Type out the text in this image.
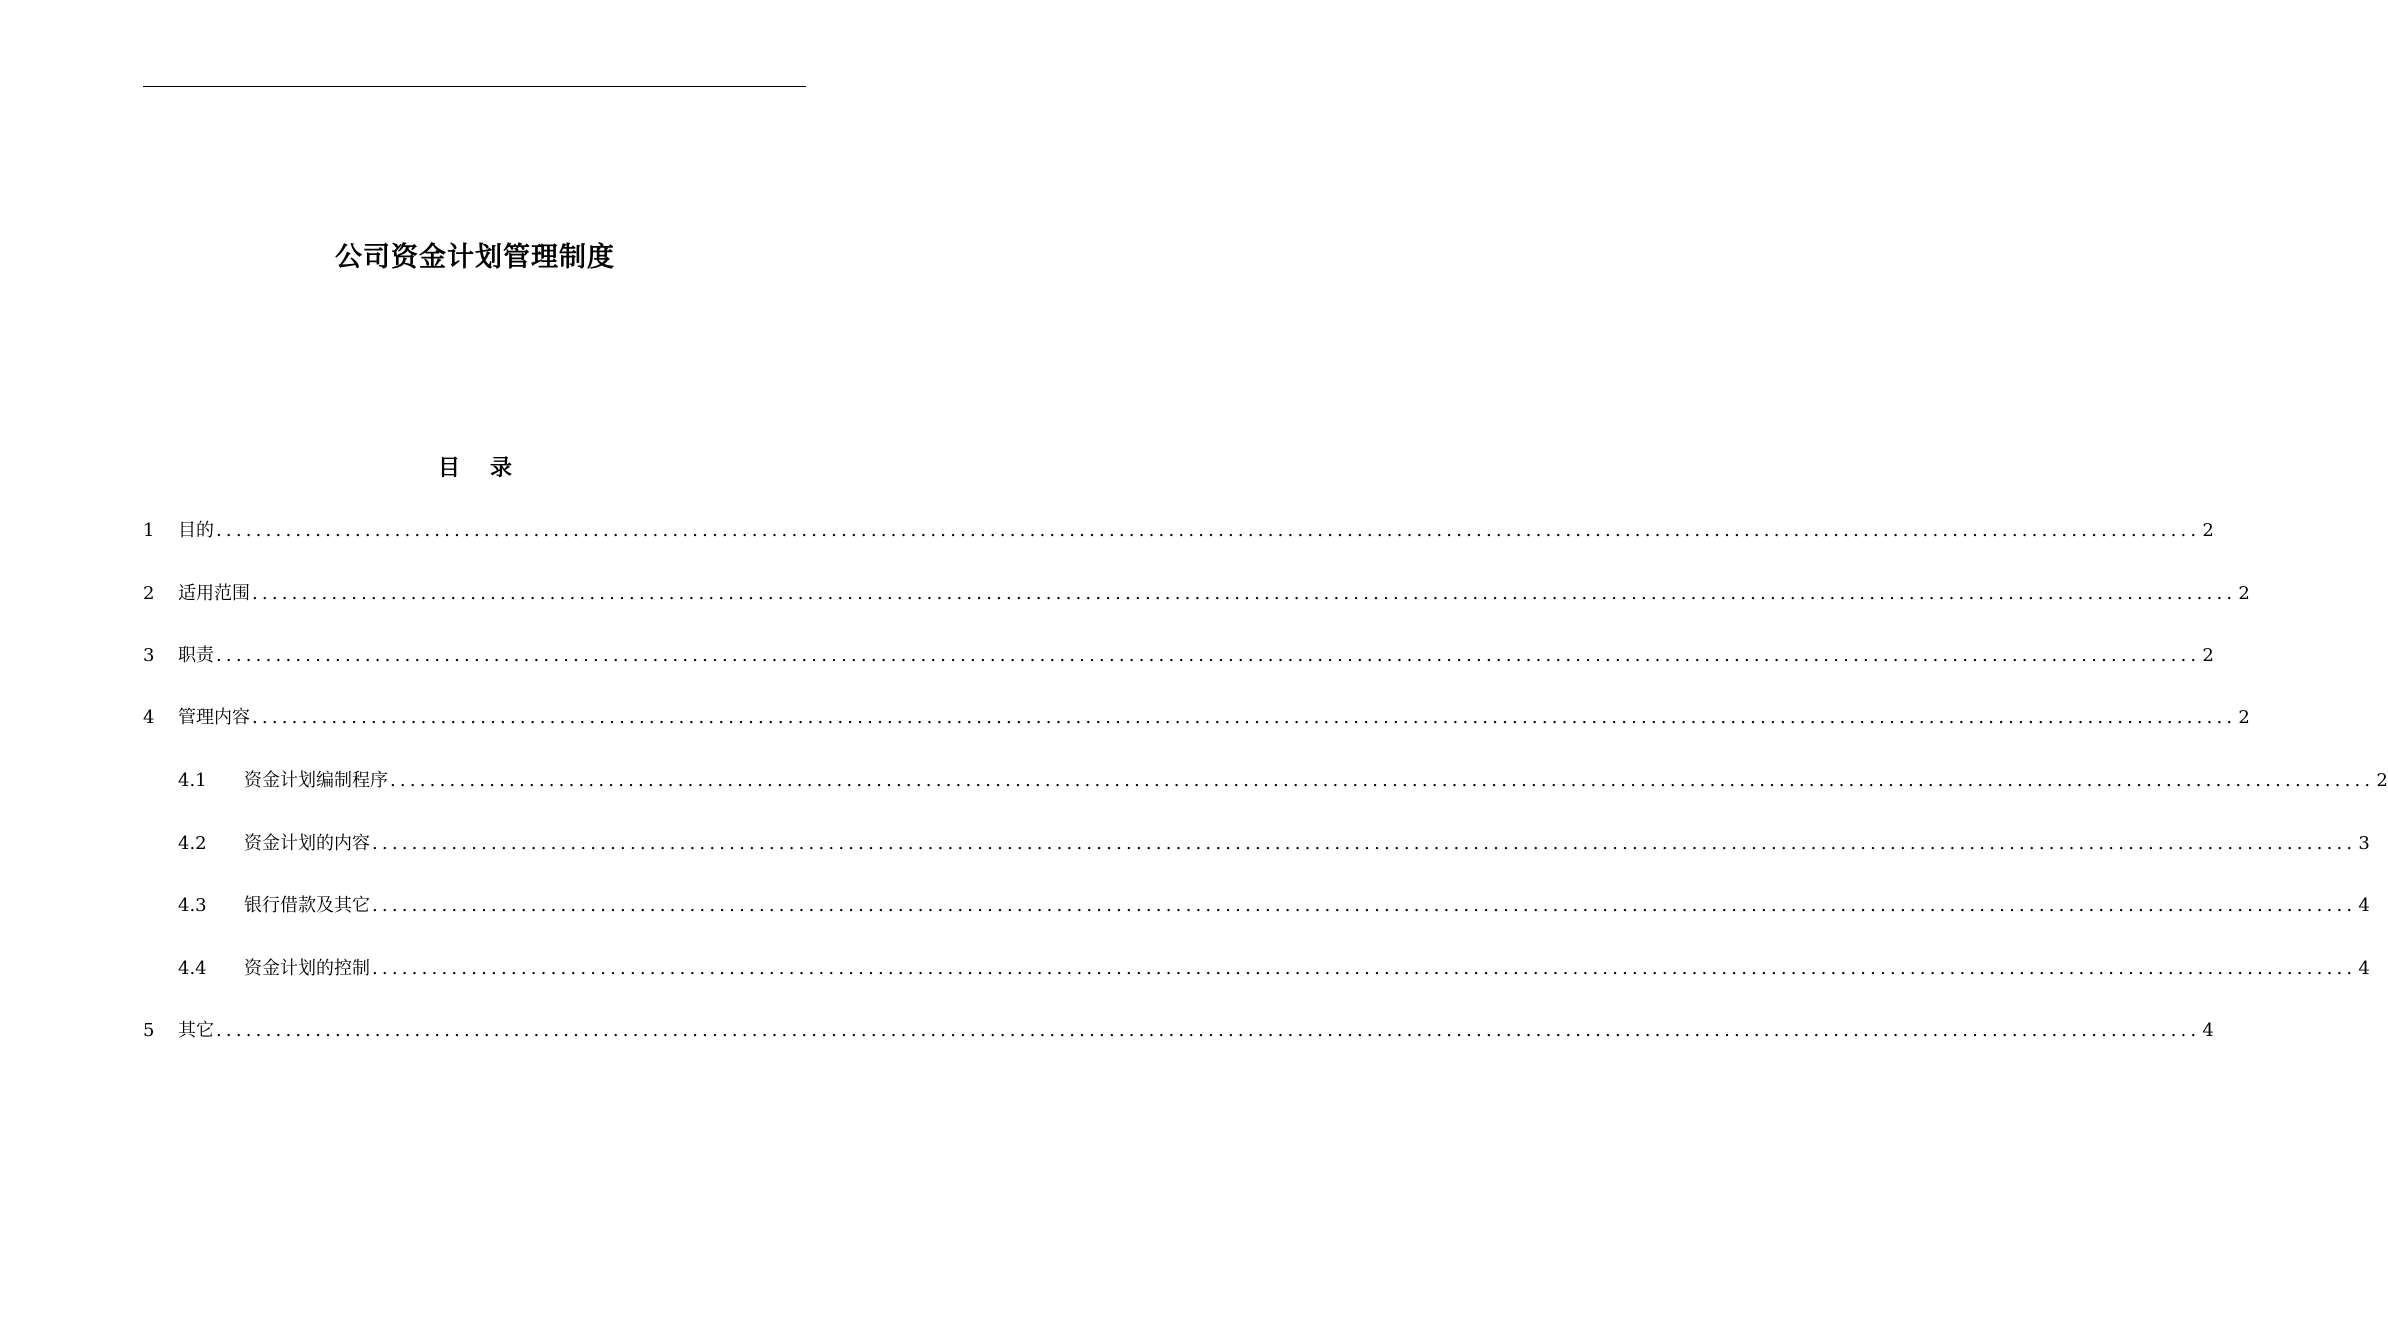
公司资金计划管理制度
目 录
1	目的 ........................................................................................................................................................................................................ 2
2	适用范围 ........................................................................................................................................................................................................ 2
3	职责 ........................................................................................................................................................................................................ 2
4	管理内容 ........................................................................................................................................................................................................ 2
4.1	资金计划编制程序 ........................................................................................................................................................................................................ 2
4.2	资金计划的内容 ........................................................................................................................................................................................................ 3
4.3	银行借款及其它 ........................................................................................................................................................................................................ 4
4.4	资金计划的控制 ........................................................................................................................................................................................................ 4
5	其它 ........................................................................................................................................................................................................ 4
